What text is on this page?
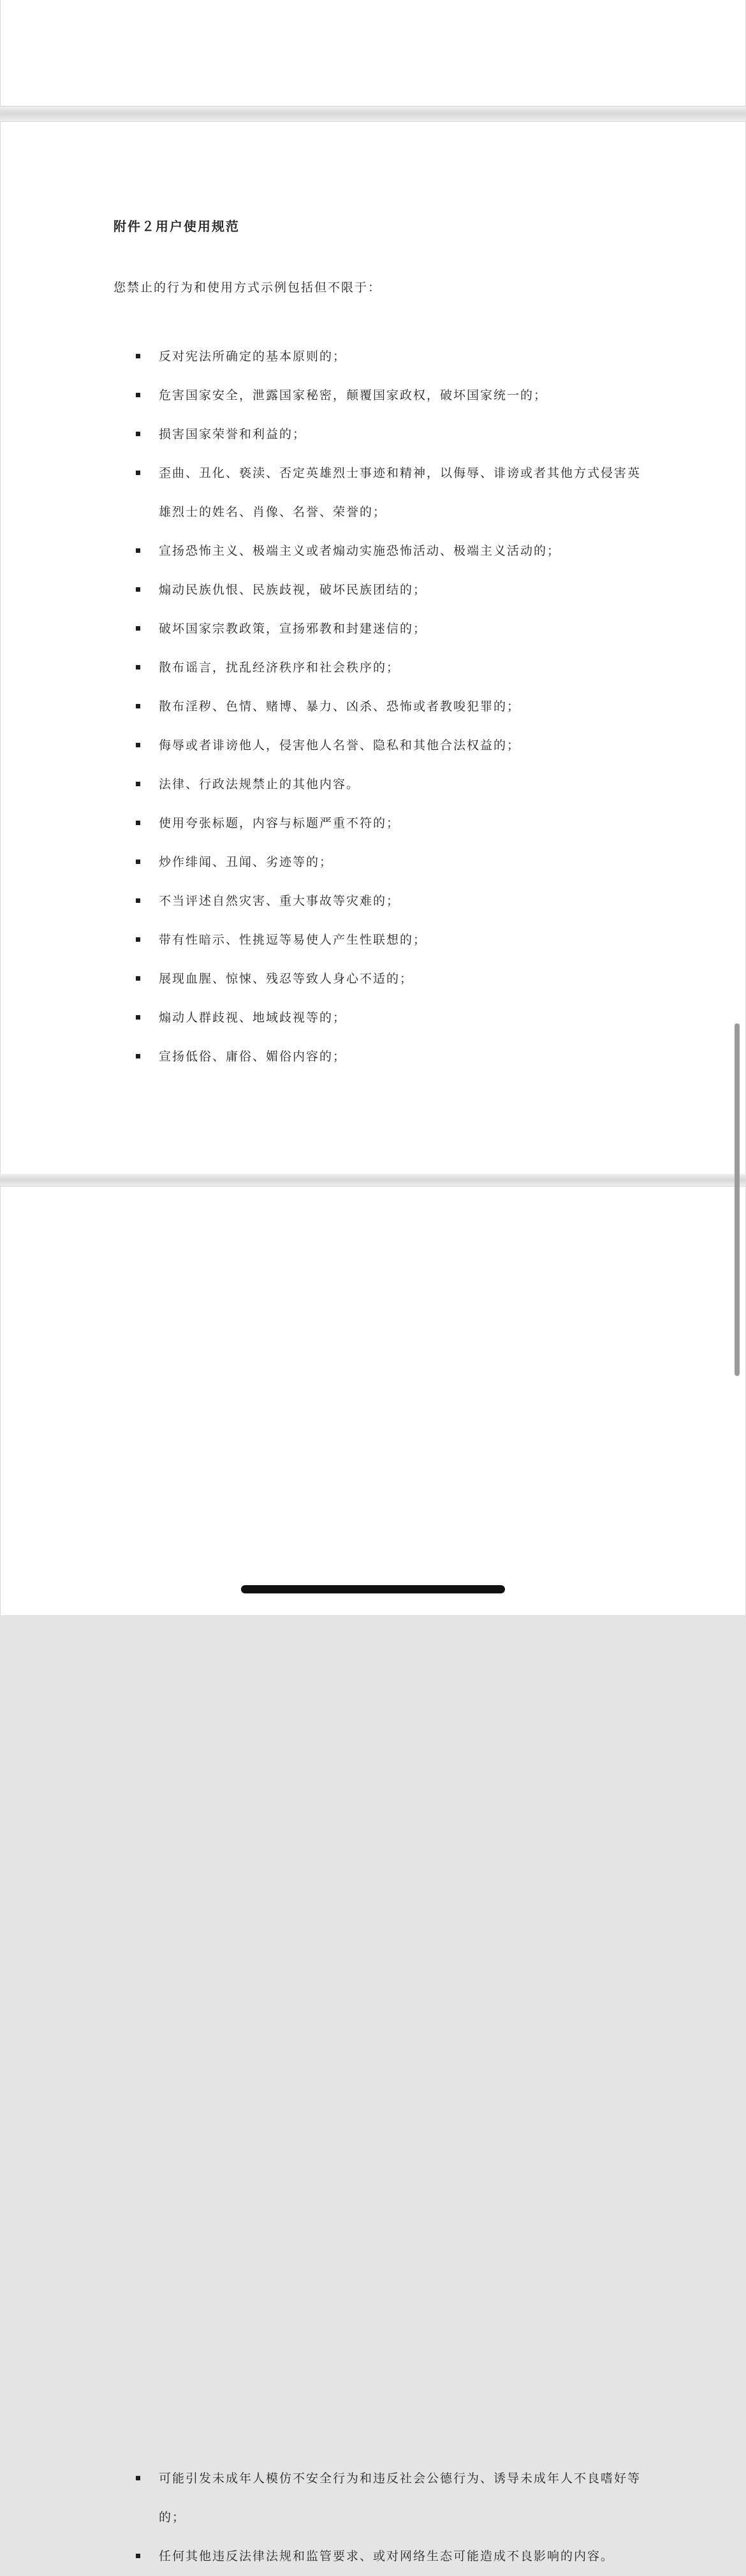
附件２用户使用规范

您禁止的行为和使用方式示例包括但不限于：

反对宪法所确定的基本原则的；
危害国家安全，泄露国家秘密，颠覆国家政权，破坏国家统一的；
损害国家荣誉和利益的；
歪曲、丑化、亵渎、否定英雄烈士事迹和精神，以侮辱、诽谤或者其他方式侵害英雄烈士的姓名、肖像、名誉、荣誉的；
宣扬恐怖主义、极端主义或者煽动实施恐怖活动、极端主义活动的；
煽动民族仇恨、民族歧视，破坏民族团结的；
破坏国家宗教政策，宣扬邪教和封建迷信的；
散布谣言，扰乱经济秩序和社会秩序的；
散布淫秽、色情、赌博、暴力、凶杀、恐怖或者教唆犯罪的；
侮辱或者诽谤他人，侵害他人名誉、隐私和其他合法权益的；
法律、行政法规禁止的其他内容。
使用夸张标题，内容与标题严重不符的；
炒作绯闻、丑闻、劣迹等的；
不当评述自然灾害、重大事故等灾难的；
带有性暗示、性挑逗等易使人产生性联想的；
展现血腥、惊悚、残忍等致人身心不适的；
煽动人群歧视、地域歧视等的；
宣扬低俗、庸俗、媚俗内容的；
可能引发未成年人模仿不安全行为和违反社会公德行为、诱导未成年人不良嗜好等的；
任何其他违反法律法规和监管要求、或对网络生态可能造成不良影响的内容。
